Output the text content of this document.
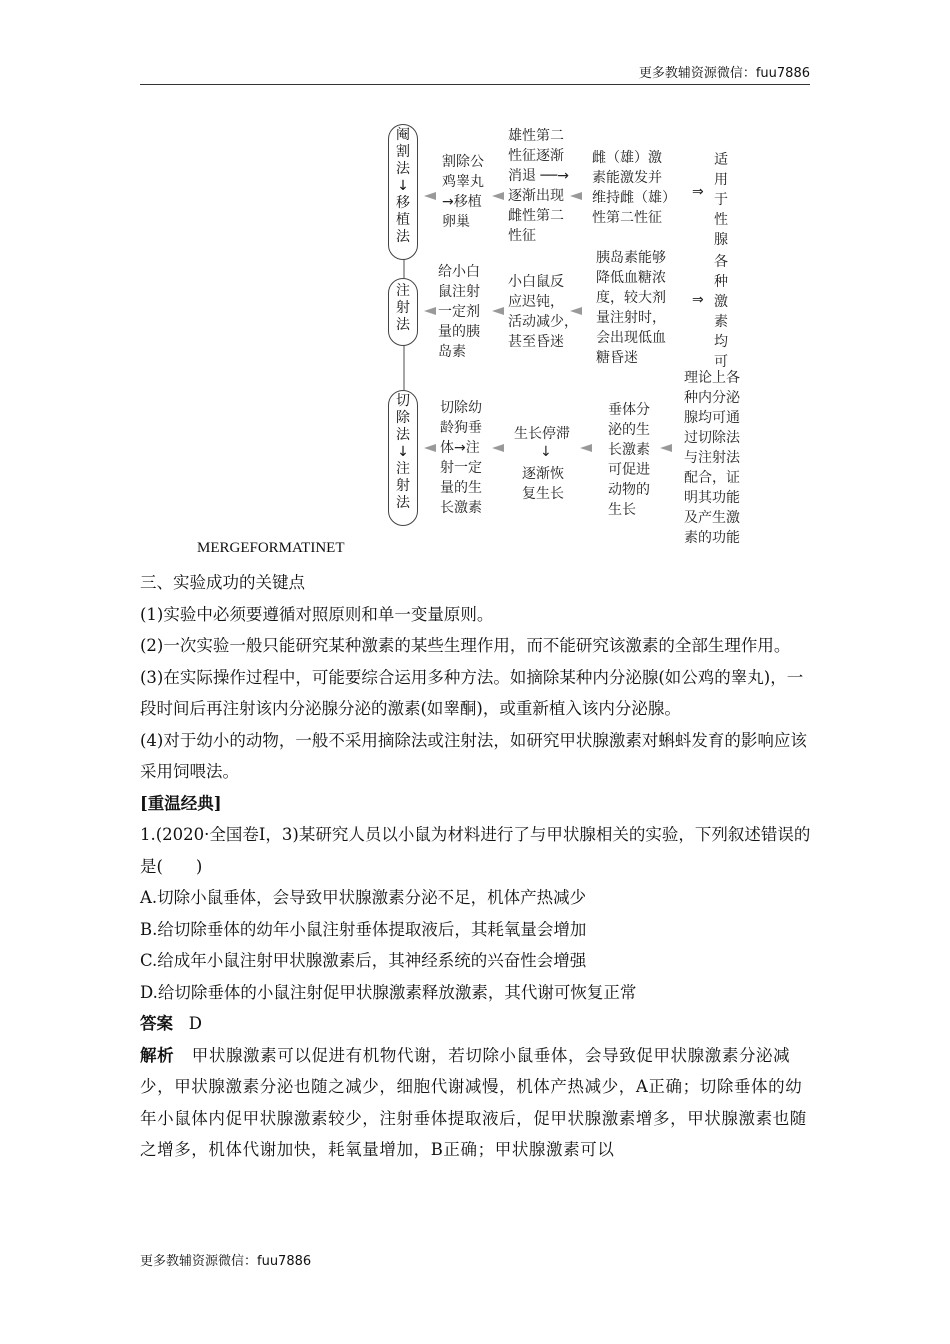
更多教辅资源微信：fuu7886
阉
割
法
↓
移
植
法
割除公
鸡睾丸
→移植
卵巢
雄性第二
性征逐渐
消退 ──→
逐渐出现
雌性第二
性征
雌（雄）激
素能激发并
维持雌（雄）
性第二性征
⇒
适
用
于
性
腺
注
射
法
给小白
鼠注射
一定剂
量的胰
岛素
小白鼠反
应迟钝，
活动减少，
甚至昏迷
胰岛素能够
降低血糖浓
度，较大剂
量注射时，
会出现低血
糖昏迷
⇒
各
种
激
素
均
可
切
除
法
↓
注
射
法
切除幼
龄狗垂
体→注
射一定
量的生
长激素
生长停滞
↓
逐渐恢
复生长
垂体分
泌的生
长激素
可促进
动物的
生长
理论上各
种内分泌
腺均可通
过切除法
与注射法
配合，证
明其功能
及产生激
素的功能
MERGEFORMATINET

三、实验成功的关键点

(1)实验中必须要遵循对照原则和单一变量原则。

(2)一次实验一般只能研究某种激素的某些生理作用，而不能研究该激素的全部生理作用。

(3)在实际操作过程中，可能要综合运用多种方法。如摘除某种内分泌腺(如公鸡的睾丸)，一段时间后再注射该内分泌腺分泌的激素(如睾酮)，或重新植入该内分泌腺。

(4)对于幼小的动物，一般不采用摘除法或注射法，如研究甲状腺激素对蝌蚪发育的影响应该采用饲喂法。

[重温经典]

1.(2020·全国卷Ⅰ，3)某研究人员以小鼠为材料进行了与甲状腺相关的实验，下列叙述错误的是(　　)

A.切除小鼠垂体，会导致甲状腺激素分泌不足，机体产热减少

B.给切除垂体的幼年小鼠注射垂体提取液后，其耗氧量会增加

C.给成年小鼠注射甲状腺激素后，其神经系统的兴奋性会增强

D.给切除垂体的小鼠注射促甲状腺激素释放激素，其代谢可恢复正常

答案 D

解析 甲状腺激素可以促进有机物代谢，若切除小鼠垂体，会导致促甲状腺激素分泌减少，甲状腺激素分泌也随之减少，细胞代谢减慢，机体产热减少，A正确；切除垂体的幼年小鼠体内促甲状腺激素较少，注射垂体提取液后，促甲状腺激素增多，甲状腺激素也随之增多，机体代谢加快，耗氧量增加，B正确；甲状腺激素可以

更多教辅资源微信：fuu7886
